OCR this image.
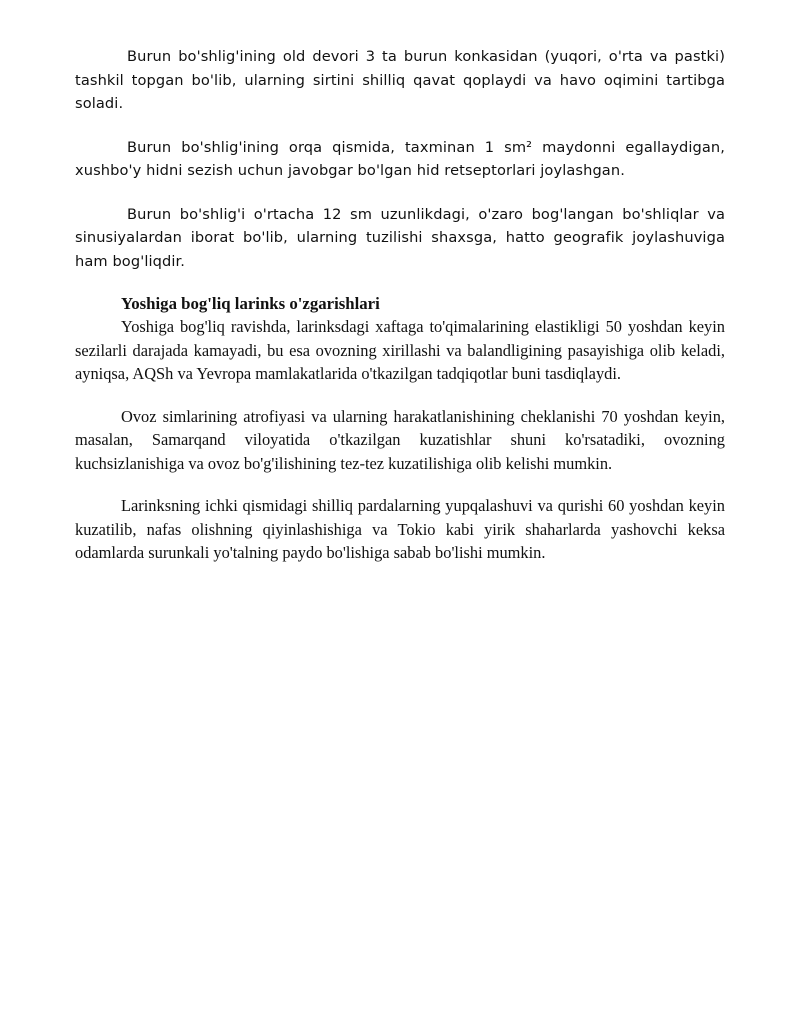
Burun bo'shlig'ining old devori 3 ta burun konkasidan (yuqori, o'rta va pastki) tashkil topgan bo'lib, ularning sirtini shilliq qavat qoplaydi va havo oqimini tartibga soladi.

Burun bo'shlig'ining orqa qismida, taxminan 1 sm² maydonni egallaydigan, xushbo'y hidni sezish uchun javobgar bo'lgan hid retseptorlari joylashgan.

Burun bo'shlig'i o'rtacha 12 sm uzunlikdagi, o'zaro bog'langan bo'shliqlar va sinusiyalardan iborat bo'lib, ularning tuzilishi shaxsga, hatto geografik joylashuviga ham bog'liqdir.

Yoshiga bog'liq larinks o'zgarishlari

Yoshiga bog'liq ravishda, larinksdagi xaftaga to'qimalarining elastikligi 50 yoshdan keyin sezilarli darajada kamayadi, bu esa ovozning xirillashi va balandligining pasayishiga olib keladi, ayniqsa, AQSh va Yevropa mamlakatlarida o'tkazilgan tadqiqotlar buni tasdiqlaydi.

Ovoz simlarining atrofiyasi va ularning harakatlanishining cheklanishi 70 yoshdan keyin, masalan, Samarqand viloyatida o'tkazilgan kuzatishlar shuni ko'rsatadiki, ovozning kuchsizlanishiga va ovoz bo'g'ilishining tez-tez kuzatilishiga olib kelishi mumkin.

Larinksning ichki qismidagi shilliq pardalarning yupqalashuvi va qurishi 60 yoshdan keyin kuzatilib, nafas olishning qiyinlashishiga va Tokio kabi yirik shaharlarda yashovchi keksa odamlarda surunkali yo'talning paydo bo'lishiga sabab bo'lishi mumkin.
